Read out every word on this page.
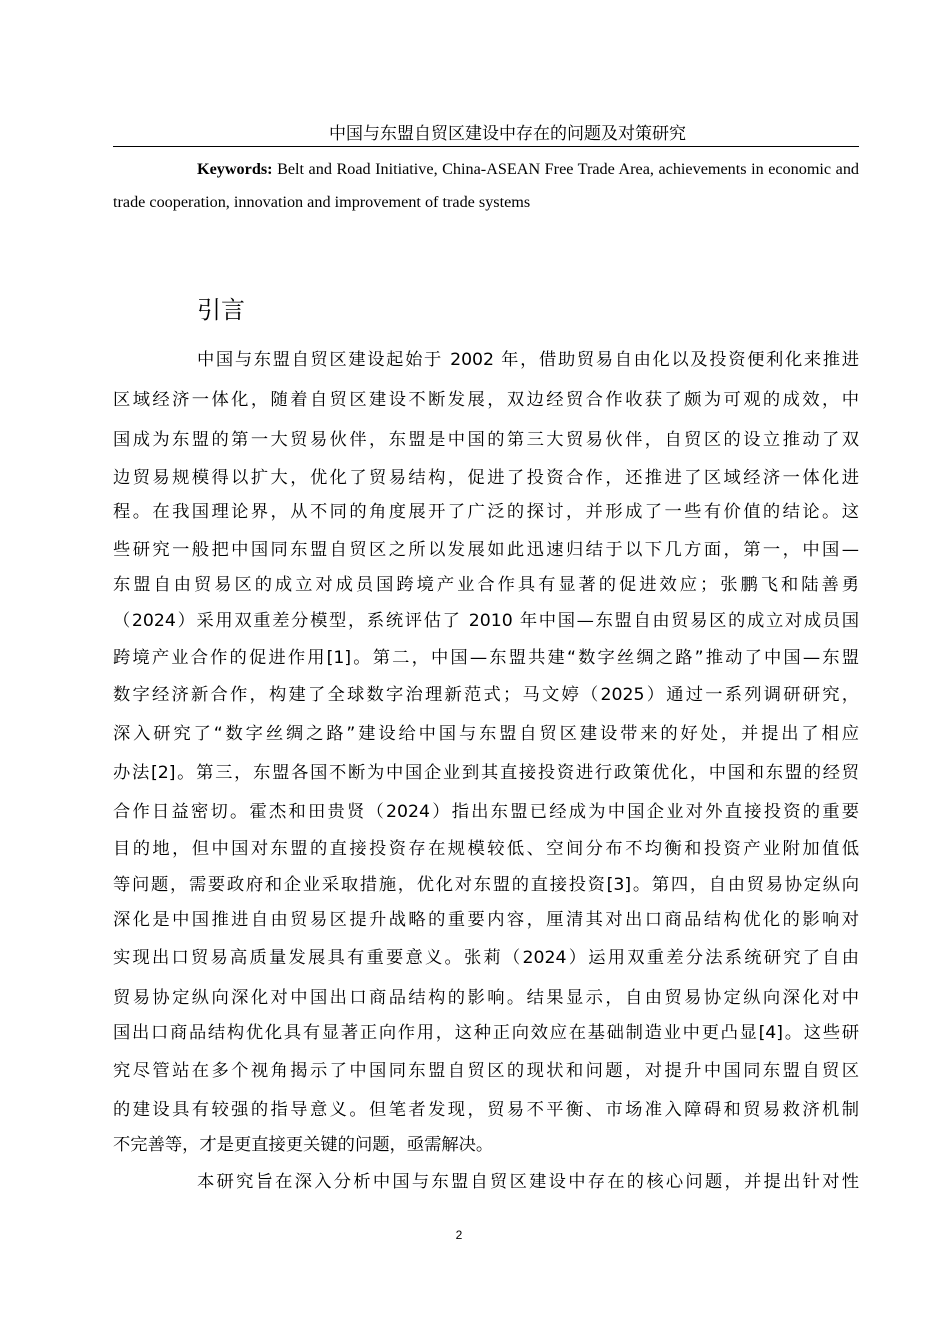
中国与东盟自贸区建设中存在的问题及对策研究

Keywords: Belt and Road Initiative, China-ASEAN Free Trade Area, achievements in economic and trade cooperation, innovation and improvement of trade systems

引言
中国与东盟自贸区建设起始于 2002 年，借助贸易自由化以及投资便利化来推进
区域经济一体化，随着自贸区建设不断发展，双边经贸合作收获了颇为可观的成效，中
国成为东盟的第一大贸易伙伴，东盟是中国的第三大贸易伙伴，自贸区的设立推动了双
边贸易规模得以扩大，优化了贸易结构，促进了投资合作，还推进了区域经济一体化进
程。在我国理论界，从不同的角度展开了广泛的探讨，并形成了一些有价值的结论。这
些研究一般把中国同东盟自贸区之所以发展如此迅速归结于以下几方面，第一，中国—
东盟自由贸易区的成立对成员国跨境产业合作具有显著的促进效应；张鹏飞和陆善勇
（2024）采用双重差分模型，系统评估了 2010 年中国—东盟自由贸易区的成立对成员国
跨境产业合作的促进作用[1]。第二，中国—东盟共建“数字丝绸之路”推动了中国—东盟
数字经济新合作，构建了全球数字治理新范式；马文婷（2025）通过一系列调研研究，
深入研究了“数字丝绸之路”建设给中国与东盟自贸区建设带来的好处，并提出了相应
办法[2]。第三，东盟各国不断为中国企业到其直接投资进行政策优化，中国和东盟的经贸
合作日益密切。霍杰和田贵贤（2024）指出东盟已经成为中国企业对外直接投资的重要
目的地，但中国对东盟的直接投资存在规模较低、空间分布不均衡和投资产业附加值低
等问题，需要政府和企业采取措施，优化对东盟的直接投资[3]。第四，自由贸易协定纵向
深化是中国推进自由贸易区提升战略的重要内容，厘清其对出口商品结构优化的影响对
实现出口贸易高质量发展具有重要意义。张莉（2024）运用双重差分法系统研究了自由
贸易协定纵向深化对中国出口商品结构的影响。结果显示，自由贸易协定纵向深化对中
国出口商品结构优化具有显著正向作用，这种正向效应在基础制造业中更凸显[4]。这些研
究尽管站在多个视角揭示了中国同东盟自贸区的现状和问题，对提升中国同东盟自贸区
的建设具有较强的指导意义。但笔者发现，贸易不平衡、市场准入障碍和贸易救济机制
不完善等，才是更直接更关键的问题，亟需解决。
本研究旨在深入分析中国与东盟自贸区建设中存在的核心问题，并提出针对性
2
